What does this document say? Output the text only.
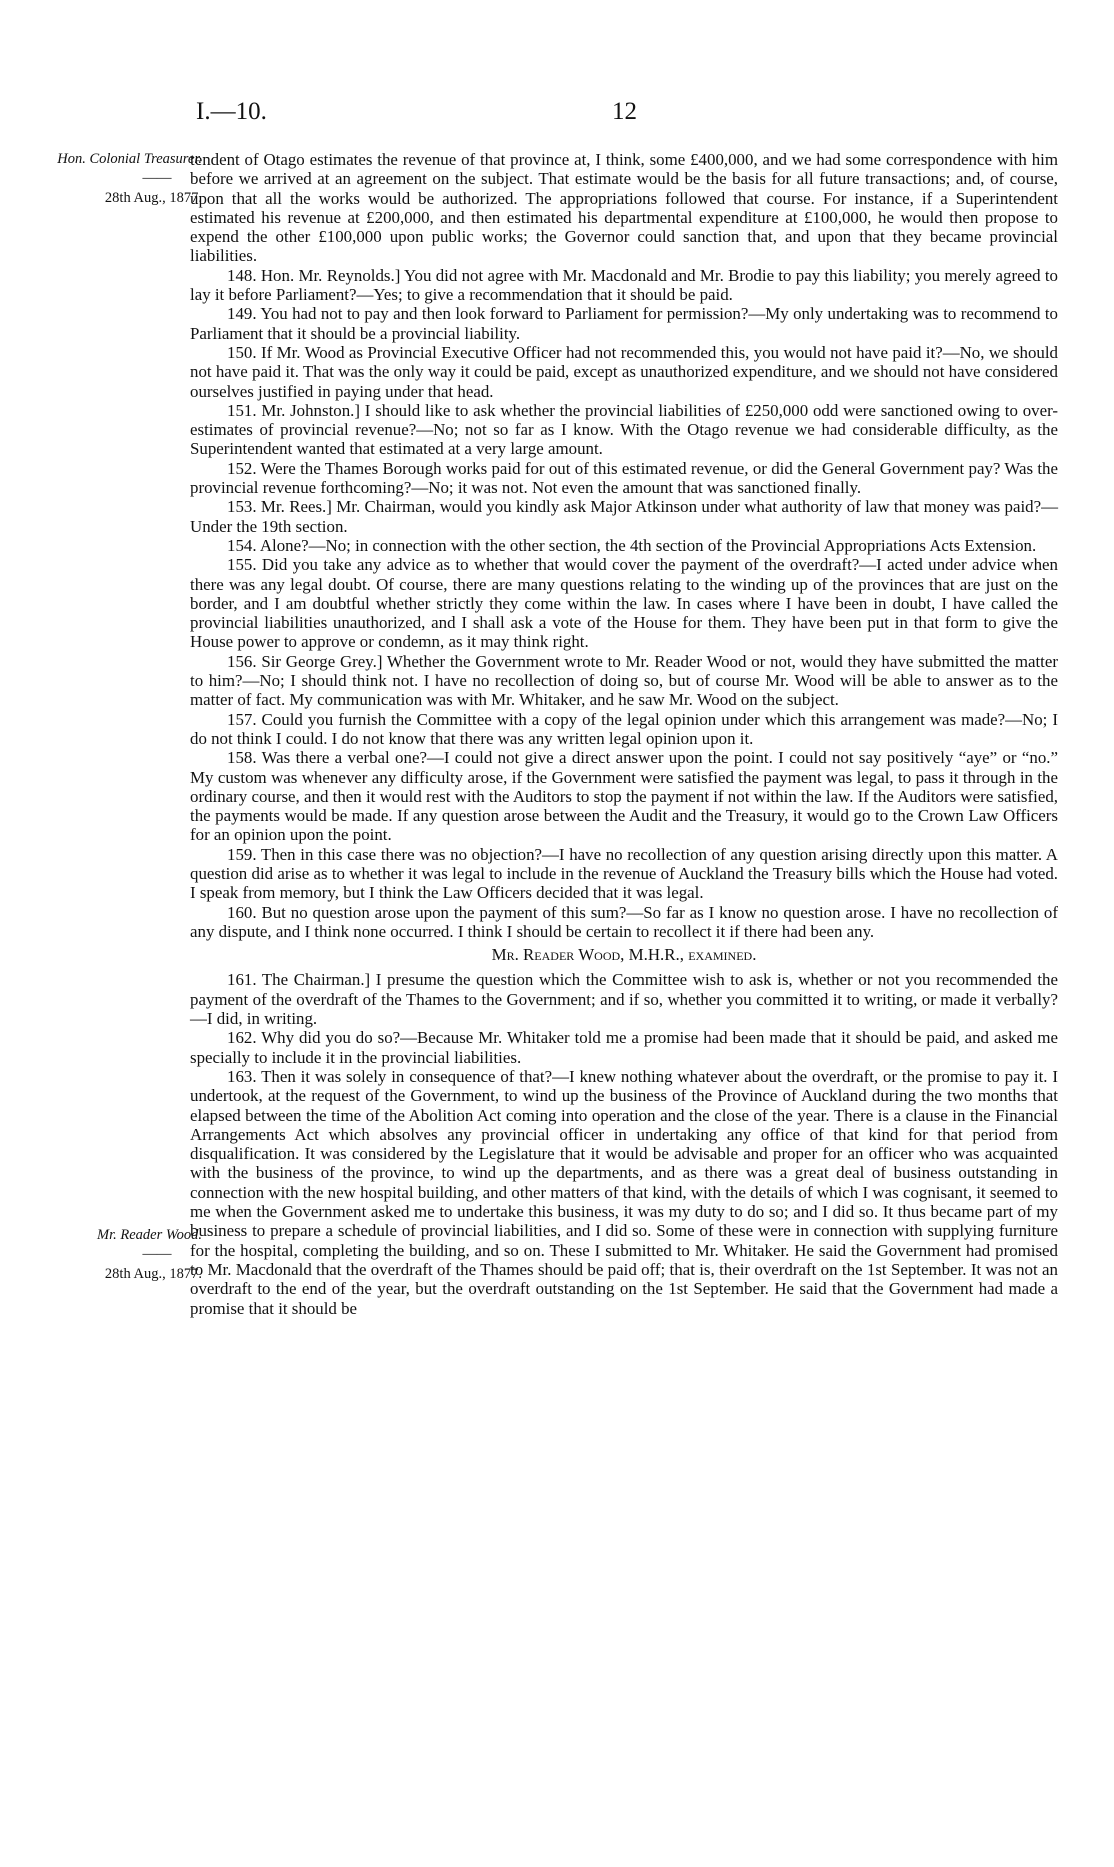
I.—10.	12
Hon. Colonial Treasurer.
——
28th Aug., 1877.
Mr. Reader Wood.
——
28th Aug., 1877.

tendent of Otago estimates the revenue of that province at, I think, some £400,000, and we had some correspondence with him before we arrived at an agreement on the subject. That estimate would be the basis for all future transactions; and, of course, upon that all the works would be authorized. The appropriations followed that course. For instance, if a Superintendent estimated his revenue at £200,000, and then estimated his departmental expenditure at £100,000, he would then propose to expend the other £100,000 upon public works; the Governor could sanction that, and upon that they became provincial liabilities.

148. Hon. Mr. Reynolds.] You did not agree with Mr. Macdonald and Mr. Brodie to pay this liability; you merely agreed to lay it before Parliament?—Yes; to give a recommendation that it should be paid.

149. You had not to pay and then look forward to Parliament for permission?—My only undertaking was to recommend to Parliament that it should be a provincial liability.

150. If Mr. Wood as Provincial Executive Officer had not recommended this, you would not have paid it?—No, we should not have paid it. That was the only way it could be paid, except as unauthorized expenditure, and we should not have considered ourselves justified in paying under that head.

151. Mr. Johnston.] I should like to ask whether the provincial liabilities of £250,000 odd were sanctioned owing to over-estimates of provincial revenue?—No; not so far as I know. With the Otago revenue we had considerable difficulty, as the Superintendent wanted that estimated at a very large amount.

152. Were the Thames Borough works paid for out of this estimated revenue, or did the General Government pay? Was the provincial revenue forthcoming?—No; it was not. Not even the amount that was sanctioned finally.

153. Mr. Rees.] Mr. Chairman, would you kindly ask Major Atkinson under what authority of law that money was paid?—Under the 19th section.

154. Alone?—No; in connection with the other section, the 4th section of the Provincial Appropriations Acts Extension.

155. Did you take any advice as to whether that would cover the payment of the overdraft?—I acted under advice when there was any legal doubt. Of course, there are many questions relating to the winding up of the provinces that are just on the border, and I am doubtful whether strictly they come within the law. In cases where I have been in doubt, I have called the provincial liabilities unauthorized, and I shall ask a vote of the House for them. They have been put in that form to give the House power to approve or condemn, as it may think right.

156. Sir George Grey.] Whether the Government wrote to Mr. Reader Wood or not, would they have submitted the matter to him?—No; I should think not. I have no recollection of doing so, but of course Mr. Wood will be able to answer as to the matter of fact. My communication was with Mr. Whitaker, and he saw Mr. Wood on the subject.

157. Could you furnish the Committee with a copy of the legal opinion under which this arrangement was made?—No; I do not think I could. I do not know that there was any written legal opinion upon it.

158. Was there a verbal one?—I could not give a direct answer upon the point. I could not say positively “aye” or “no.” My custom was whenever any difficulty arose, if the Government were satisfied the payment was legal, to pass it through in the ordinary course, and then it would rest with the Auditors to stop the payment if not within the law. If the Auditors were satisfied, the payments would be made. If any question arose between the Audit and the Treasury, it would go to the Crown Law Officers for an opinion upon the point.

159. Then in this case there was no objection?—I have no recollection of any question arising directly upon this matter. A question did arise as to whether it was legal to include in the revenue of Auckland the Treasury bills which the House had voted. I speak from memory, but I think the Law Officers decided that it was legal.

160. But no question arose upon the payment of this sum?—So far as I know no question arose. I have no recollection of any dispute, and I think none occurred. I think I should be certain to recollect it if there had been any.

Mr. Reader Wood, M.H.R., examined.

161. The Chairman.] I presume the question which the Committee wish to ask is, whether or not you recommended the payment of the overdraft of the Thames to the Government; and if so, whether you committed it to writing, or made it verbally?—I did, in writing.

162. Why did you do so?—Because Mr. Whitaker told me a promise had been made that it should be paid, and asked me specially to include it in the provincial liabilities.

163. Then it was solely in consequence of that?—I knew nothing whatever about the overdraft, or the promise to pay it. I undertook, at the request of the Government, to wind up the business of the Province of Auckland during the two months that elapsed between the time of the Abolition Act coming into operation and the close of the year. There is a clause in the Financial Arrangements Act which absolves any provincial officer in undertaking any office of that kind for that period from disqualification. It was considered by the Legislature that it would be advisable and proper for an officer who was acquainted with the business of the province, to wind up the departments, and as there was a great deal of business outstanding in connection with the new hospital building, and other matters of that kind, with the details of which I was cognisant, it seemed to me when the Government asked me to undertake this business, it was my duty to do so; and I did so. It thus became part of my business to prepare a schedule of provincial liabilities, and I did so. Some of these were in connection with supplying furniture for the hospital, completing the building, and so on. These I submitted to Mr. Whitaker. He said the Government had promised to Mr. Macdonald that the overdraft of the Thames should be paid off; that is, their overdraft on the 1st September. It was not an overdraft to the end of the year, but the overdraft outstanding on the 1st September. He said that the Government had made a promise that it should be
